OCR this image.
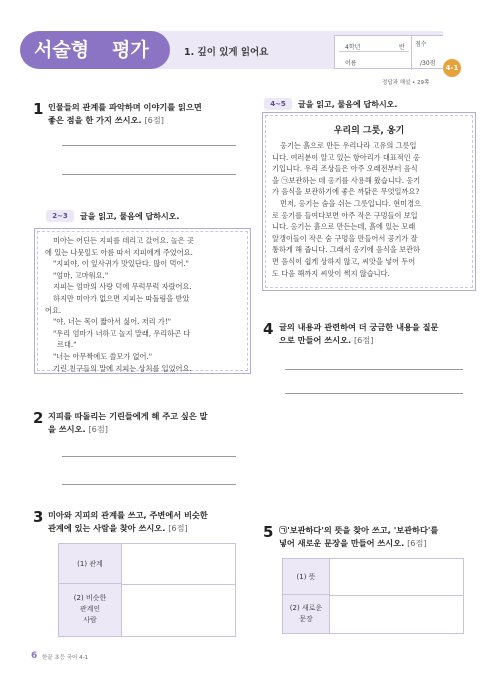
서술형 평가	1. 깊이 있게 읽어요	4학년	반
이름
점수
/30점
4-1
정답과 해설 • 29쪽
1 인물들의 관계를 파악하며 이야기를 읽으면
좋은 점을 한 가지 쓰시오. [6점]
2~3	글을 읽고, 물음에 답하시오.
미아는 어딘든 지피를 데리고 갔어요. 놀은 곳
에 있는 나뭇잎도 아름 따서 지피에게 주었어요.
"지피야, 이 잎사귀가 맛있단다. 많이 먹어."
"엄마, 고마워요."
지피는 엄마의 사랑 덕에 무럭무럭 자랐어요.
하지만 미아가 없으면 지피는 따돌림을 받았
어요.
"야, 너는 목이 짧아서 싫어. 저리 가!"
"우리 엄마가 너하고 놀지 말래, 우리하곤 다
르대."
"너는 아무짝에도 쓸모가 없어."
기린 친구들의 말에 지피는 상처를 입었어요.
2 지피를 따돌리는 기린들에게 해 주고 싶은 말
을 쓰시오. [6점]
3 미아와 지피의 관계를 쓰고, 주변에서 비슷한
관계에 있는 사람을 찾아 쓰시오. [6점]
(1) 관계
(2) 비슷한
관계인
사람
4~5	글을 읽고, 물음에 답하시오.
우리의 그릇, 옹기
옹기는 흙으로 만든 우리나라 고유의 그릇입
니다. 여러분이 알고 있는 항아리가 대표적인 옹
기입니다. 우리 조상들은 아주 오래전부터 음식
을 ㉠보관하는 데 옹기를 사용해 왔습니다. 옹기
가 음식을 보관하기에 좋은 까닭은 무엇일까요?
먼저, 옹기는 숨을 쉬는 그릇입니다. 현미경으
로 옹기를 들여다보면 아주 작은 구멍들이 보입
니다. 옹기는 흙으로 만든는데, 흙에 있는 모래
알갱이들이 작은 숨 구멍을 만들어서 공기가 잘
통하게 해 줍니다. 그래서 옹기에 음식을 보관하
면 음식이 쉽게 상하지 않고, 씨앗을 넣어 두어
도 다음 해까지 씨앗이 썩지 않습니다.
4 글의 내용과 관련하여 더 궁금한 내용을 질문
으로 만들어 쓰시오. [6점]
5 ㉠'보관하다'의 뜻을 찾아 쓰고, '보관하다'를
넣어 새로운 문장을 만들어 쓰시오. [6점]
(1) 뜻
(2) 새로운
문장
6 한끝 초등 국어 4-1
